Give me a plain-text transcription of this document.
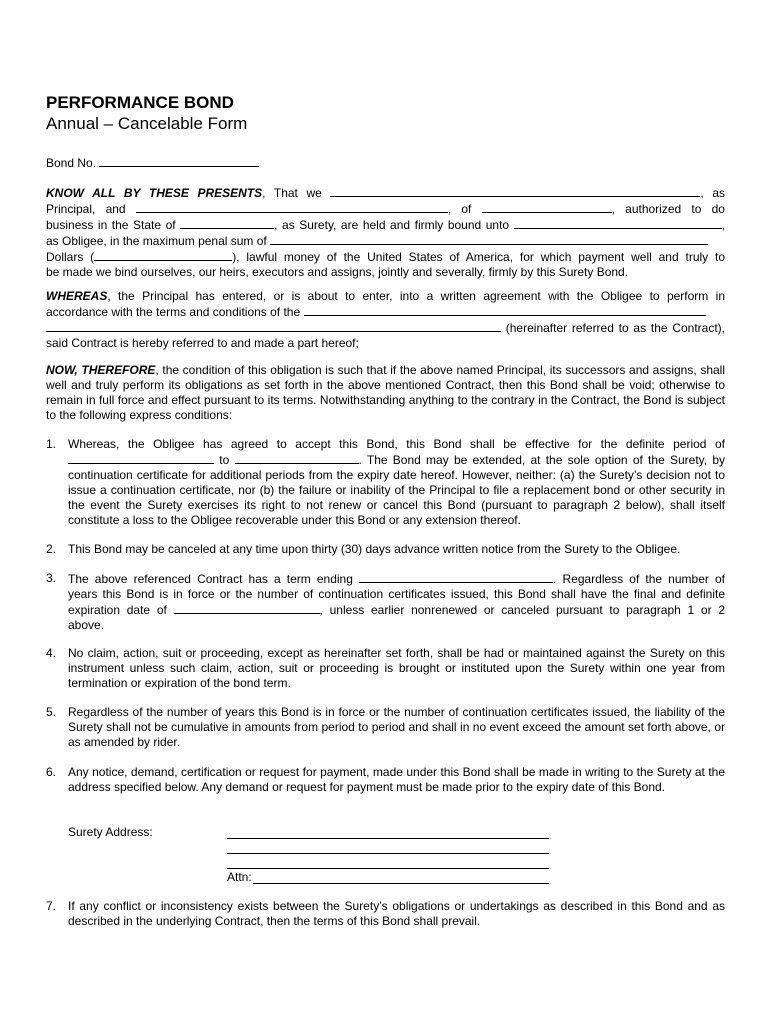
PERFORMANCE BOND
Annual – Cancelable Form
Bond No.
KNOW ALL BY THESE PRESENTS, That we	, as
Principal, and	, of	, authorized to do
business in the State of	, as Surety, are held and firmly bound unto	,
as Obligee, in the maximum penal sum of
Dollars (	), lawful money of the United States of America, for which payment well and truly to
be made we bind ourselves, our heirs, executors and assigns, jointly and severally, firmly by this Surety Bond.
WHEREAS, the Principal has entered, or is about to enter, into a written agreement with the Obligee to perform in
accordance with the terms and conditions of the
(hereinafter referred to as the Contract),
said Contract is hereby referred to and made a part hereof;
NOW, THEREFORE, the condition of this obligation is such that if the above named Principal, its successors and assigns, shall well and truly perform its obligations as set forth in the above mentioned Contract, then this Bond shall be void; otherwise to remain in full force and effect pursuant to its terms. Notwithstanding anything to the contrary in the Contract, the Bond is subject to the following express conditions:
1. Whereas, the Obligee has agreed to accept this Bond, this Bond shall be effective for the definite period of
to	. The Bond may be extended, at the sole option of the Surety, by
continuation certificate for additional periods from the expiry date hereof. However, neither: (a) the Surety’s decision not to issue a continuation certificate, nor (b) the failure or inability of the Principal to file a replacement bond or other security in the event the Surety exercises its right to not renew or cancel this Bond (pursuant to paragraph 2 below), shall itself constitute a loss to the Obligee recoverable under this Bond or any extension thereof.
2. This Bond may be canceled at any time upon thirty (30) days advance written notice from the Surety to the Obligee.
3. The above referenced Contract has a term ending	. Regardless of the number of
years this Bond is in force or the number of continuation certificates issued, this Bond shall have the final and definite
expiration date of	, unless earlier nonrenewed or canceled pursuant to paragraph 1 or 2
above.
4. No claim, action, suit or proceeding, except as hereinafter set forth, shall be had or maintained against the Surety on this instrument unless such claim, action, suit or proceeding is brought or instituted upon the Surety within one year from termination or expiration of the bond term.
5. Regardless of the number of years this Bond is in force or the number of continuation certificates issued, the liability of the Surety shall not be cumulative in amounts from period to period and shall in no event exceed the amount set forth above, or as amended by rider.
6. Any notice, demand, certification or request for payment, made under this Bond shall be made in writing to the Surety at the address specified below. Any demand or request for payment must be made prior to the expiry date of this Bond.
Surety Address:
Attn:
7. If any conflict or inconsistency exists between the Surety’s obligations or undertakings as described in this Bond and as described in the underlying Contract, then the terms of this Bond shall prevail.
